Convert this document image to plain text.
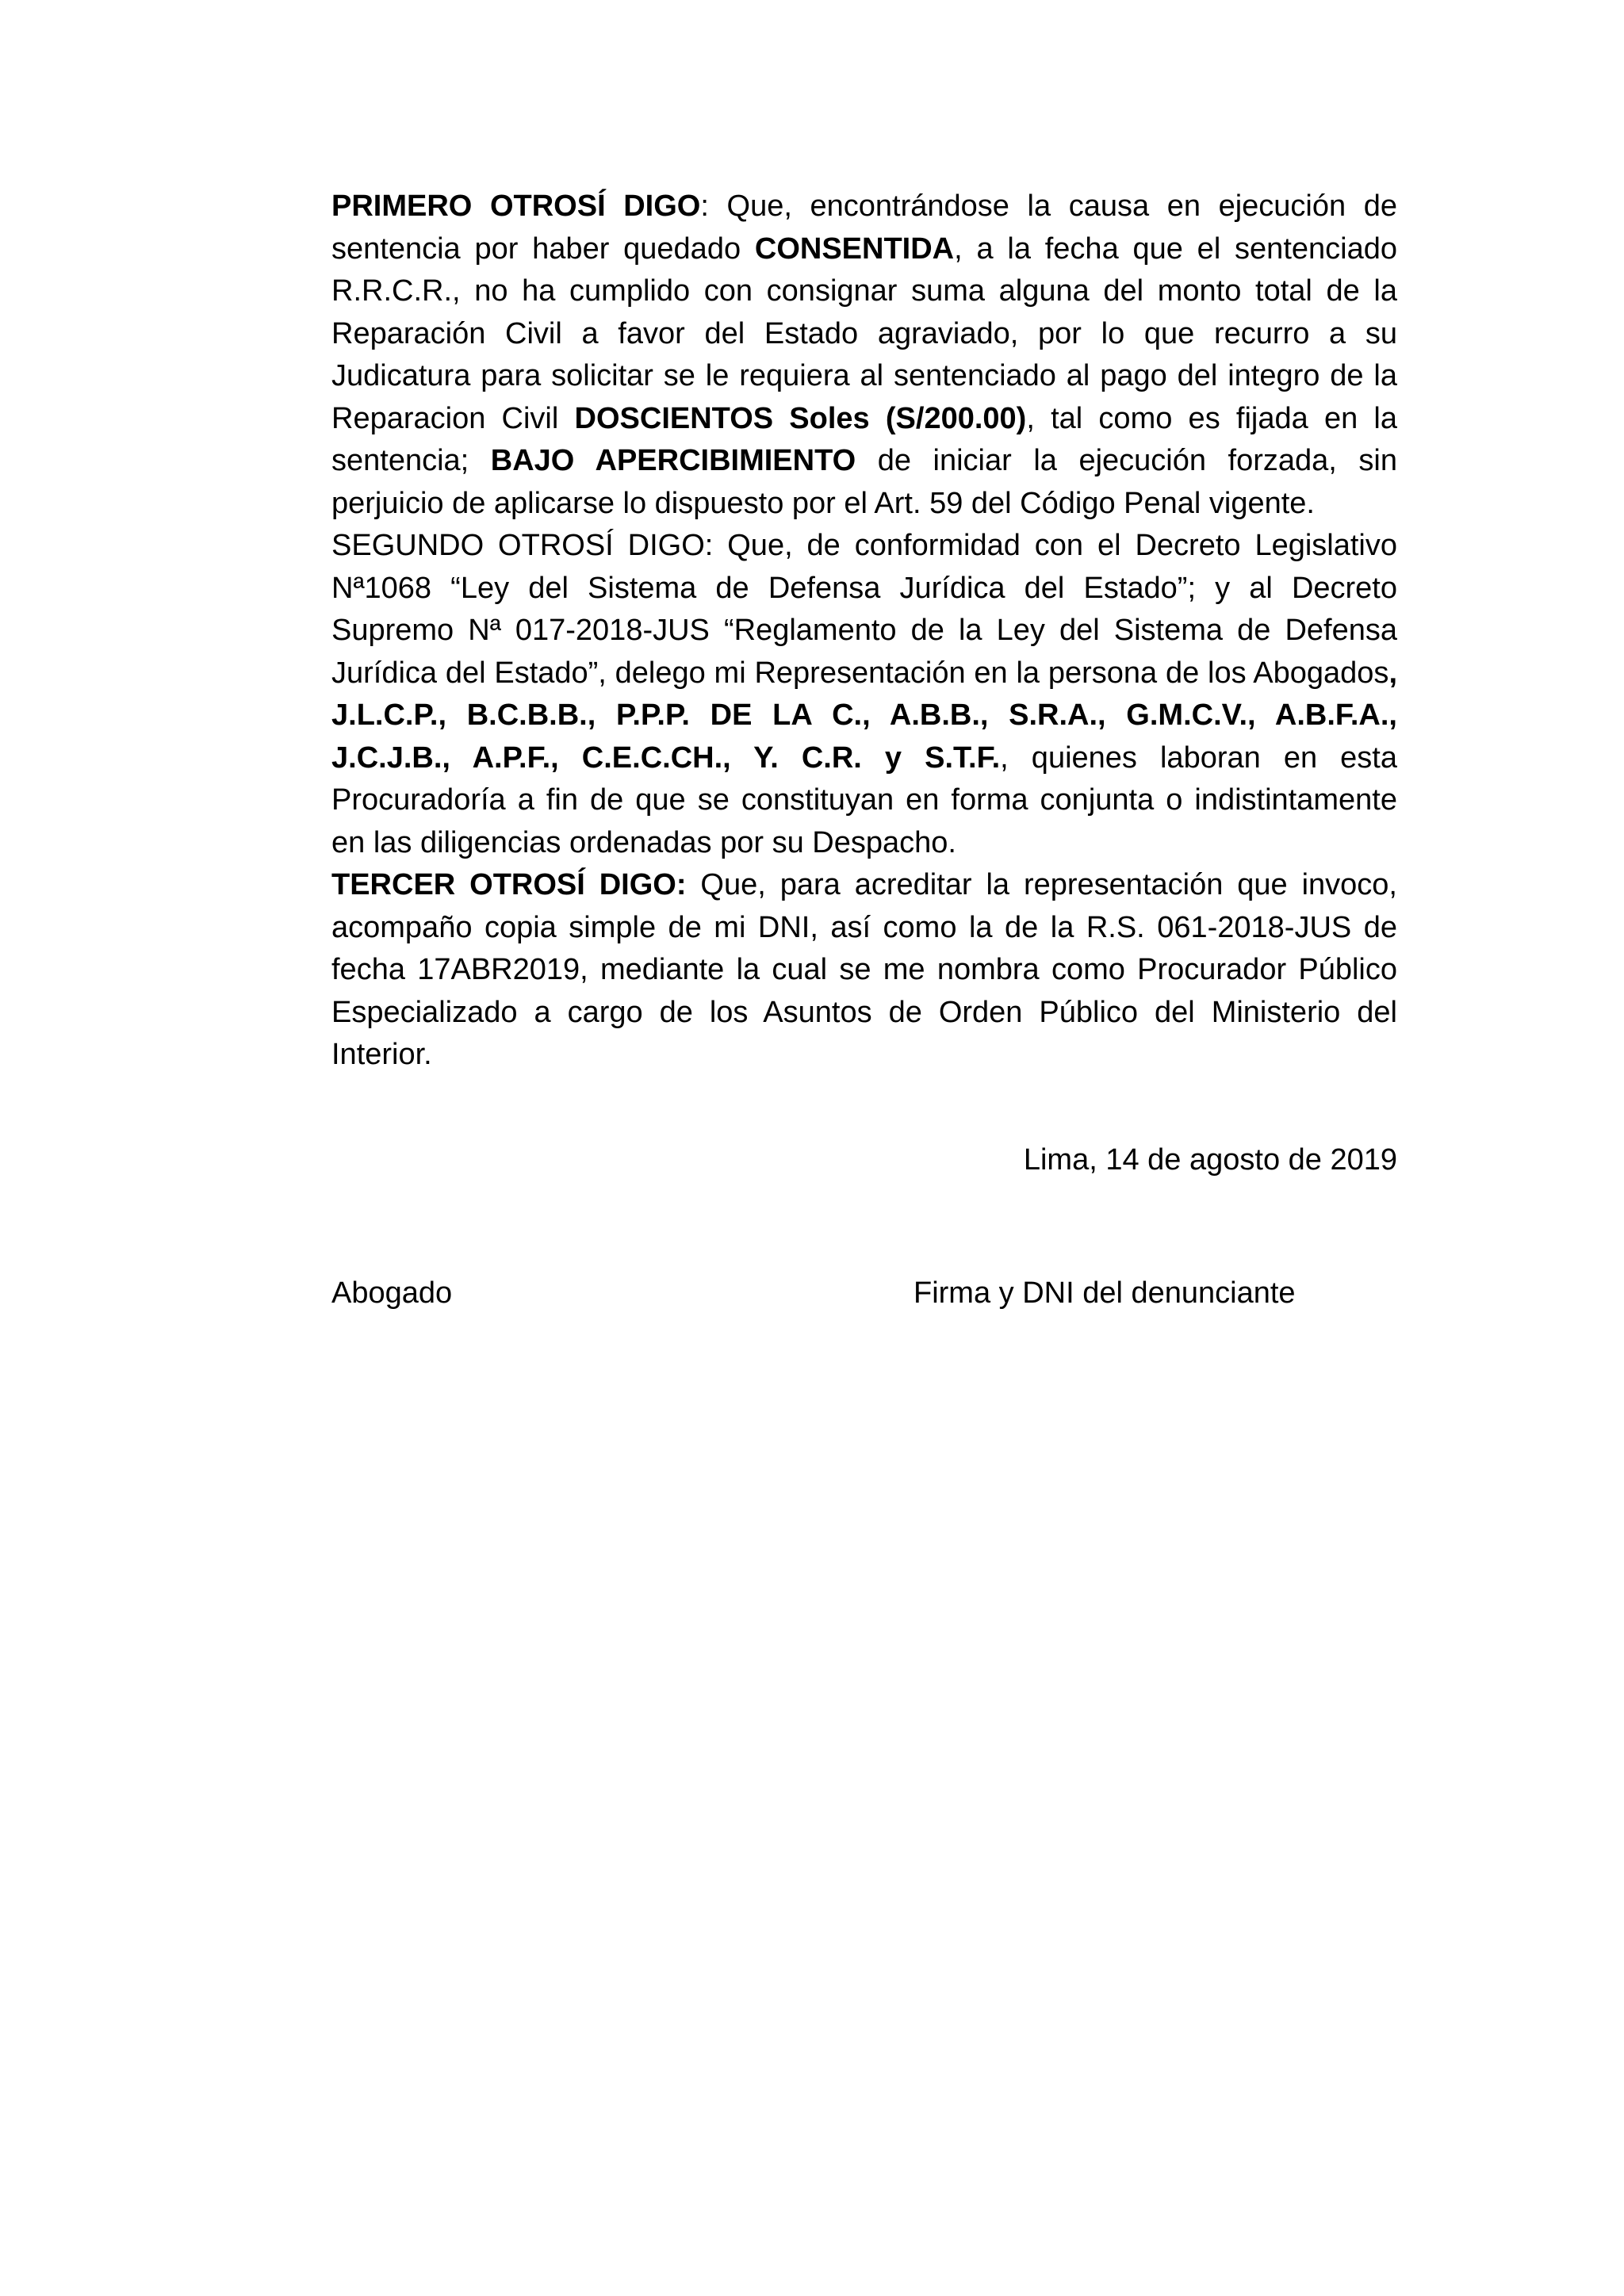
PRIMERO OTROSÍ DIGO: Que, encontrándose la causa en ejecución de sentencia por haber quedado CONSENTIDA, a la fecha que el sentenciado R.R.C.R., no ha cumplido con consignar suma alguna del monto total de la Reparación Civil a favor del Estado agraviado, por lo que recurro a su Judicatura para solicitar se le requiera al sentenciado al pago del integro de la Reparacion Civil DOSCIENTOS Soles (S/200.00), tal como es fijada en la sentencia; BAJO APERCIBIMIENTO de iniciar la ejecución forzada, sin perjuicio de aplicarse lo dispuesto por el Art. 59 del Código Penal vigente.

SEGUNDO OTROSÍ DIGO: Que, de conformidad con el Decreto Legislativo Nª1068 “Ley del Sistema de Defensa Jurídica del Estado”; y al Decreto Supremo Nª 017-2018-JUS “Reglamento de la Ley del Sistema de Defensa Jurídica del Estado”, delego mi Representación en la persona de los Abogados, J.L.C.P., B.C.B.B., P.P.P. DE LA C., A.B.B., S.R.A., G.M.C.V., A.B.F.A., J.C.J.B., A.P.F., C.E.C.CH., Y. C.R. y S.T.F., quienes laboran en esta Procuradoría a fin de que se constituyan en forma conjunta o indistintamente en las diligencias ordenadas por su Despacho.

TERCER OTROSÍ DIGO: Que, para acreditar la representación que invoco, acompaño copia simple de mi DNI, así como la de la R.S. 061-2018-JUS de fecha 17ABR2019, mediante la cual se me nombra como Procurador Público Especializado a cargo de los Asuntos de Orden Público del Ministerio del Interior.

Lima, 14 de agosto de 2019
Abogado	Firma y DNI del denunciante
